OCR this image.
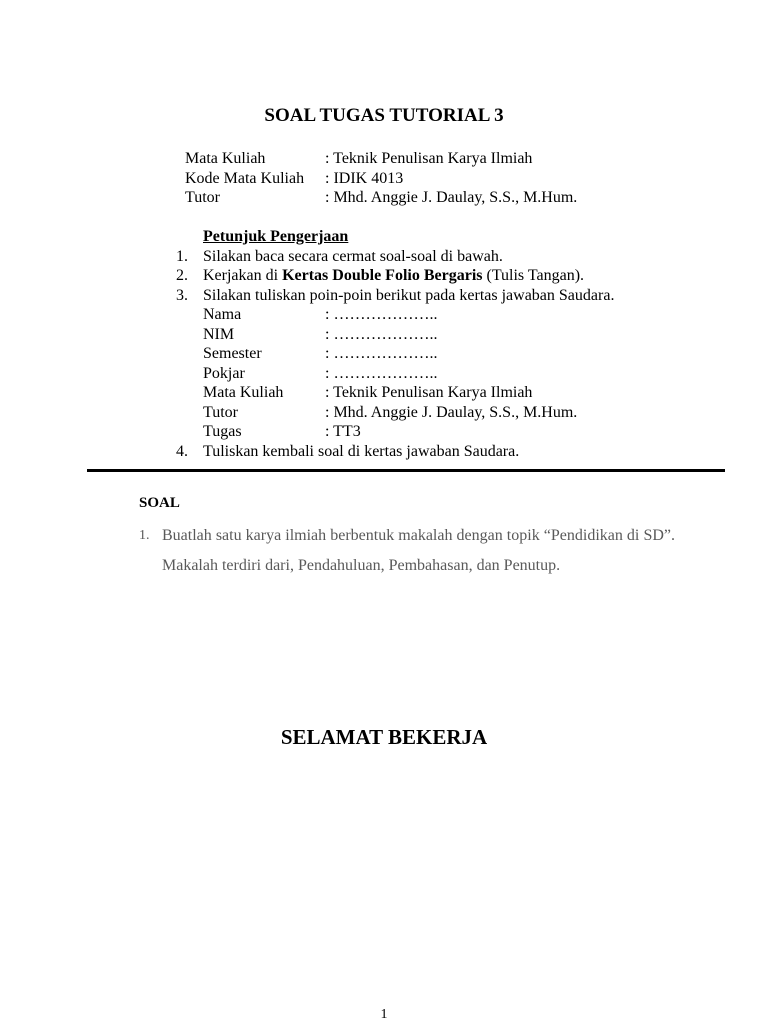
SOAL TUGAS TUTORIAL 3
Mata Kuliah	: Teknik Penulisan Karya Ilmiah
Kode Mata Kuliah	: IDIK 4013
Tutor	: Mhd. Anggie J. Daulay, S.S., M.Hum.
Petunjuk Pengerjaan
1. Silakan baca secara cermat soal-soal di bawah.
2. Kerjakan di Kertas Double Folio Bergaris (Tulis Tangan).
3. Silakan tuliskan poin-poin berikut pada kertas jawaban Saudara.
Nama	: ………………..
NIM	: ………………..
Semester	: ………………..
Pokjar	: ………………..
Mata Kuliah	: Teknik Penulisan Karya Ilmiah
Tutor	: Mhd. Anggie J. Daulay, S.S., M.Hum.
Tugas	: TT3
4. Tuliskan kembali soal di kertas jawaban Saudara.
SOAL
1. Buatlah satu karya ilmiah berbentuk makalah dengan topik “Pendidikan di SD”. Makalah terdiri dari, Pendahuluan, Pembahasan, dan Penutup.
SELAMAT BEKERJA
1
